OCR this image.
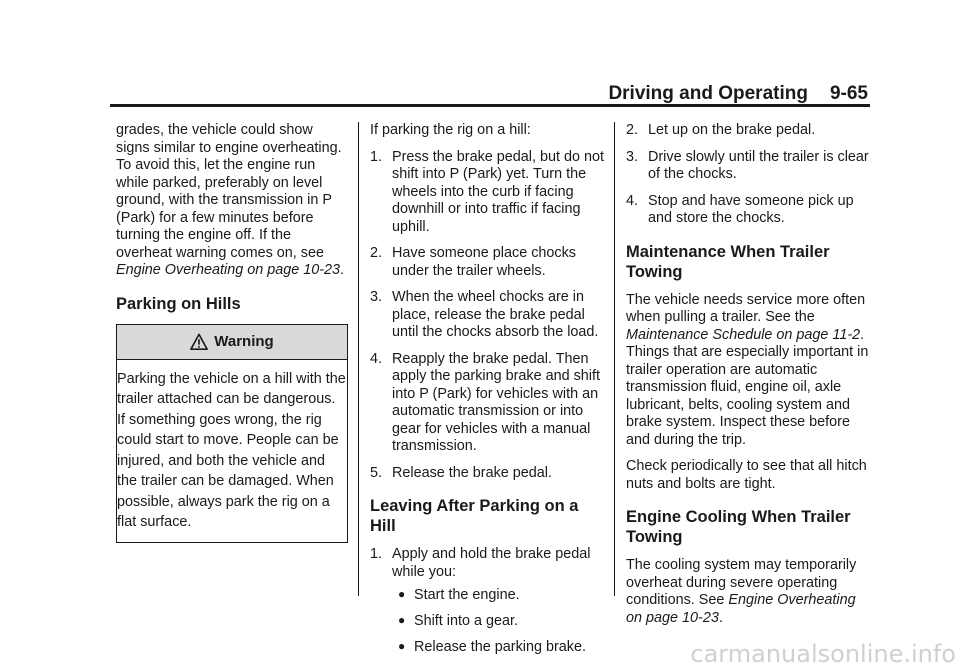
Driving and Operating 9-65

grades, the vehicle could show signs similar to engine overheating. To avoid this, let the engine run while parked, preferably on level ground, with the transmission in P (Park) for a few minutes before turning the engine off. If the overheat warning comes on, see Engine Overheating on page 10-23.

Parking on Hills
Warning
Parking the vehicle on a hill with the trailer attached can be dangerous. If something goes wrong, the rig could start to move. People can be injured, and both the vehicle and the trailer can be damaged. When possible, always park the rig on a flat surface.

If parking the rig on a hill:

1. Press the brake pedal, but do not shift into P (Park) yet. Turn the wheels into the curb if facing downhill or into traffic if facing uphill.
2. Have someone place chocks under the trailer wheels.
3. When the wheel chocks are in place, release the brake pedal until the chocks absorb the load.
4. Reapply the brake pedal. Then apply the parking brake and shift into P (Park) for vehicles with an automatic transmission or into gear for vehicles with a manual transmission.
5. Release the brake pedal.
Leaving After Parking on a Hill
1. Apply and hold the brake pedal while you:
● Start the engine.
● Shift into a gear.
● Release the parking brake.
2. Let up on the brake pedal.
3. Drive slowly until the trailer is clear of the chocks.
4. Stop and have someone pick up and store the chocks.
Maintenance When Trailer Towing

The vehicle needs service more often when pulling a trailer. See the Maintenance Schedule on page 11-2. Things that are especially important in trailer operation are automatic transmission fluid, engine oil, axle lubricant, belts, cooling system and brake system. Inspect these before and during the trip.

Check periodically to see that all hitch nuts and bolts are tight.

Engine Cooling When Trailer Towing

The cooling system may temporarily overheat during severe operating conditions. See Engine Overheating on page 10-23.

carmanualsonline.info
